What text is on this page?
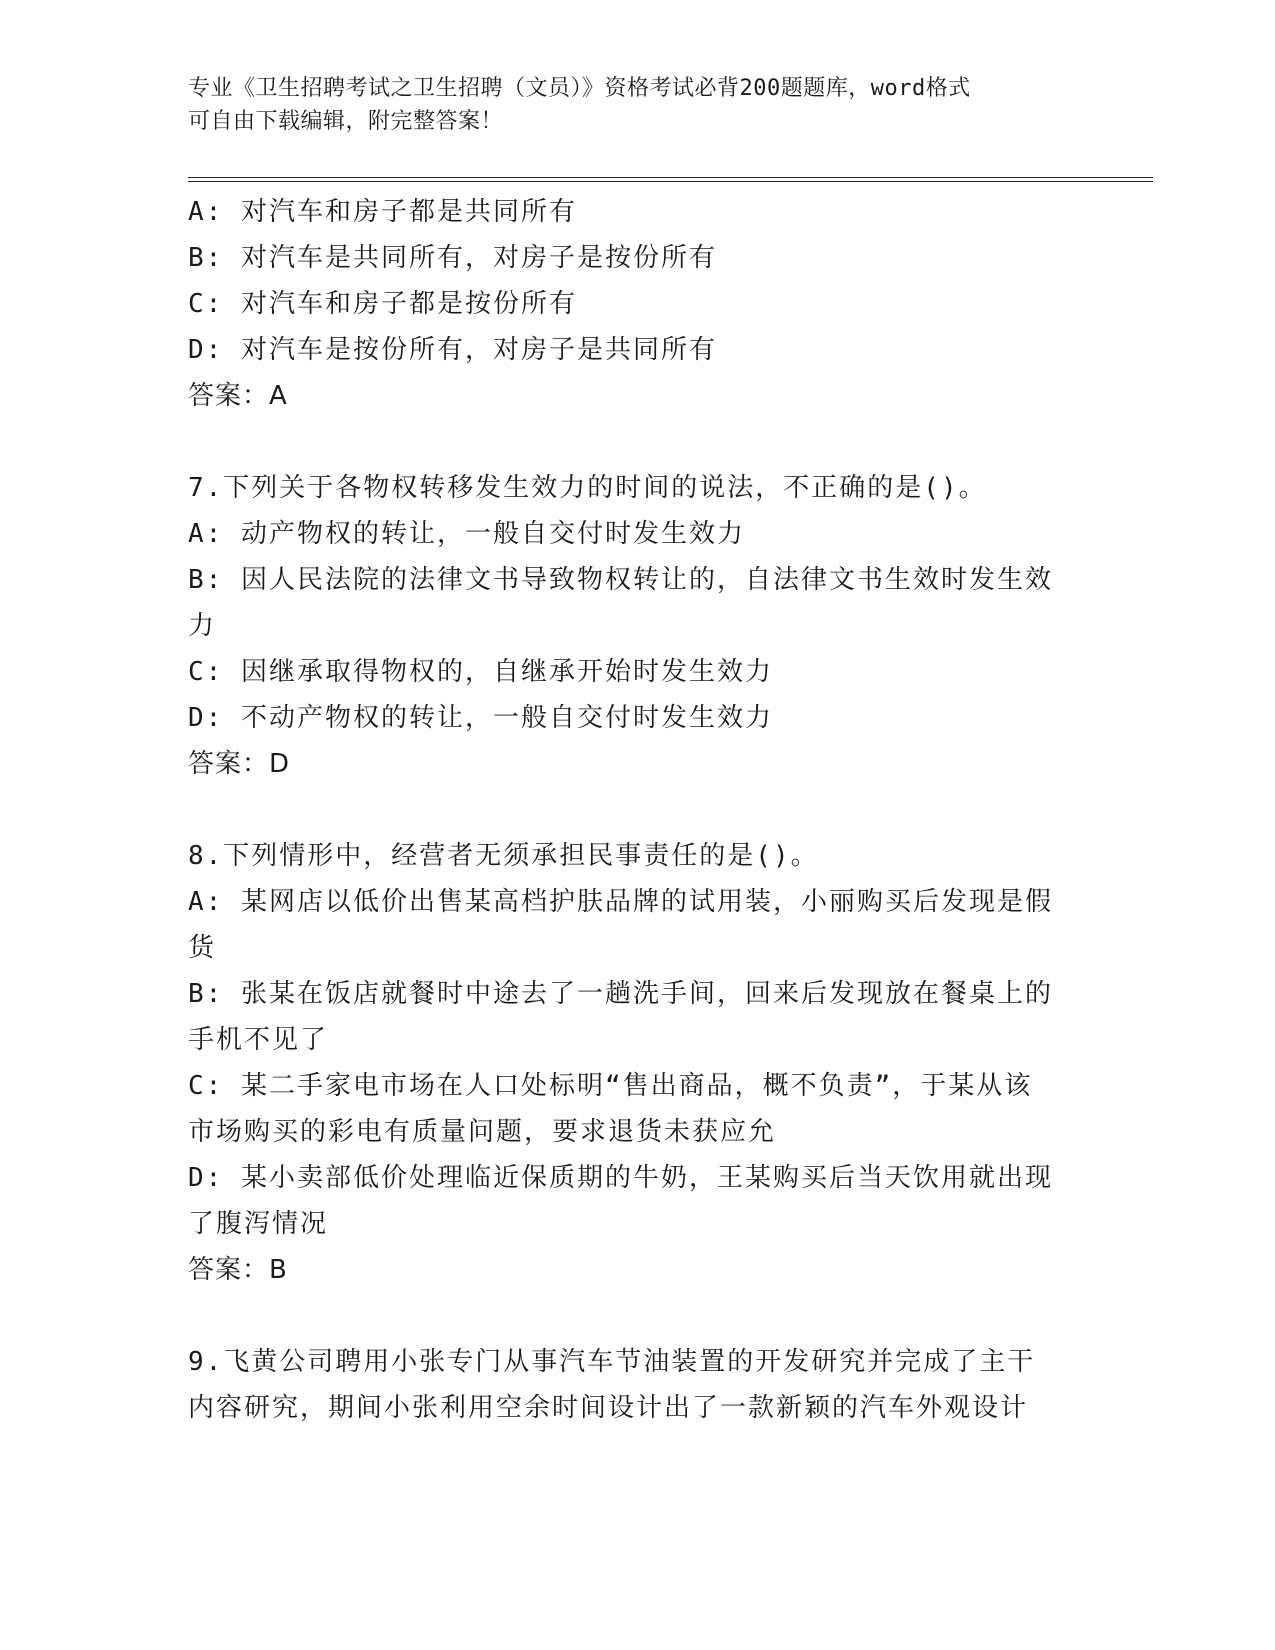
专业《卫生招聘考试之卫生招聘（文员）》资格考试必背200题题库，word格式
可自由下载编辑，附完整答案！
A: 对汽车和房子都是共同所有
B: 对汽车是共同所有，对房子是按份所有
C: 对汽车和房子都是按份所有
D: 对汽车是按份所有，对房子是共同所有
答案：A
7.下列关于各物权转移发生效力的时间的说法，不正确的是()。
A: 动产物权的转让，一般自交付时发生效力
B: 因人民法院的法律文书导致物权转让的，自法律文书生效时发生效
力
C: 因继承取得物权的，自继承开始时发生效力
D: 不动产物权的转让，一般自交付时发生效力
答案：D
8.下列情形中，经营者无须承担民事责任的是()。
A: 某网店以低价出售某高档护肤品牌的试用装，小丽购买后发现是假
货
B: 张某在饭店就餐时中途去了一趟洗手间，回来后发现放在餐桌上的
手机不见了
C: 某二手家电市场在人口处标明“售出商品，概不负责”，于某从该
市场购买的彩电有质量问题，要求退货未获应允
D: 某小卖部低价处理临近保质期的牛奶，王某购买后当天饮用就出现
了腹泻情况
答案：B
9.飞黄公司聘用小张专门从事汽车节油装置的开发研究并完成了主干
内容研究，期间小张利用空余时间设计出了一款新颖的汽车外观设计
